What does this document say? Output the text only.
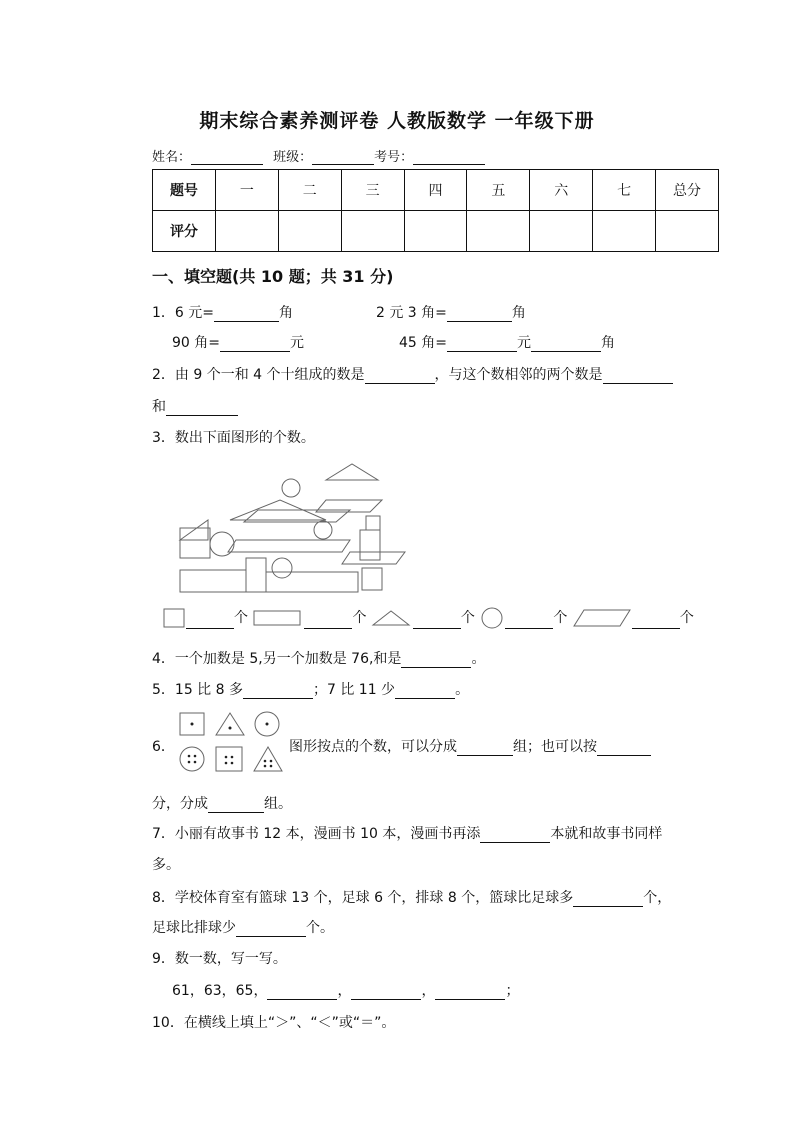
期末综合素养测评卷 人教版数学 一年级下册
姓名：	班级：	考号：
题号	一	二	三	四	五	六	七	总分
评分								
一、填空题(共 10 题；共 31 分)
1．6 元=	角	2 元 3 角=	角
90 角=	元	45 角=	元	角
2．由 9 个一和 4 个十组成的数是	，与这个数相邻的两个数是
和
3．数出下面图形的个数。
个	个	个	个	个
4．一个加数是 5,另一个加数是 76,和是	。
5．15 比 8 多	；7 比 11 少	。
6．	图形按点的个数，可以分成	组；也可以按
分，分成	组。
7．小丽有故事书 12 本，漫画书 10 本，漫画书再添	本就和故事书同样
多。
8．学校体育室有篮球 13 个，足球 6 个，排球 8 个，篮球比足球多	个，
足球比排球少	个。
9．数一数，写一写。
61，63，65，	，	，	；
10．在横线上填上“＞”、“＜”或“＝”。
